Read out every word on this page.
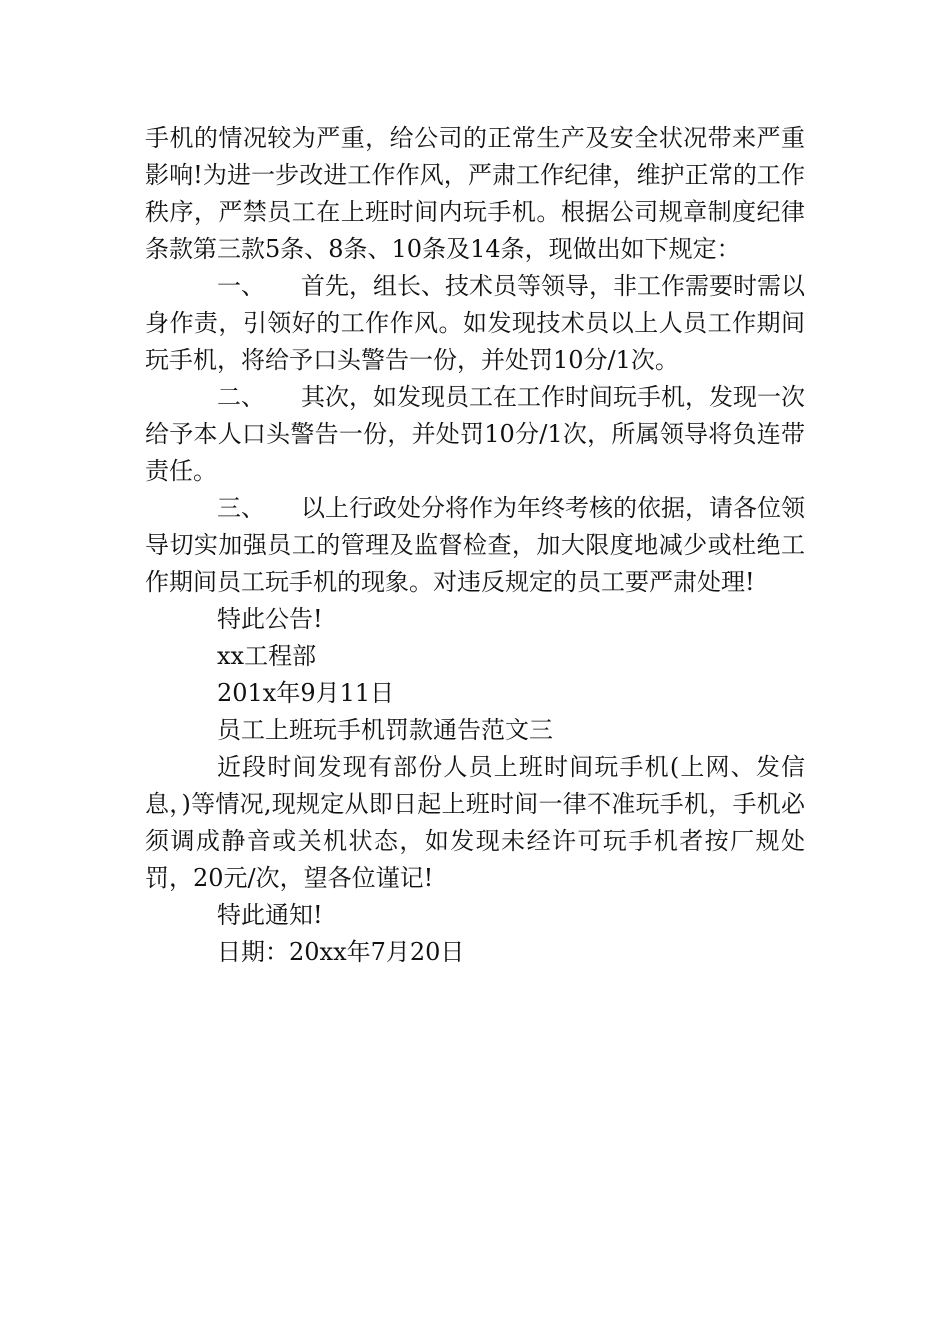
手机的情况较为严重，给公司的正常生产及安全状况带来严重影响!为进一步改进工作作风，严肃工作纪律，维护正常的工作秩序，严禁员工在上班时间内玩手机。根据公司规章制度纪律条款第三款5条、8条、10条及14条，现做出如下规定：

一、 首先，组长、技术员等领导，非工作需要时需以身作责，引领好的工作作风。如发现技术员以上人员工作期间玩手机，将给予口头警告一份，并处罚10分/1次。

二、 其次，如发现员工在工作时间玩手机，发现一次给予本人口头警告一份，并处罚10分/1次，所属领导将负连带责任。

三、 以上行政处分将作为年终考核的依据，请各位领导切实加强员工的管理及监督检查，加大限度地减少或杜绝工作期间员工玩手机的现象。对违反规定的员工要严肃处理!

特此公告!

xx工程部

201x年9月11日

员工上班玩手机罚款通告范文三

近段时间发现有部份人员上班时间玩手机(上网、发信息，)等情况,现规定从即日起上班时间一律不准玩手机，手机必须调成静音或关机状态，如发现未经许可玩手机者按厂规处罚，20元/次，望各位谨记!

特此通知!

日期：20xx年7月20日
